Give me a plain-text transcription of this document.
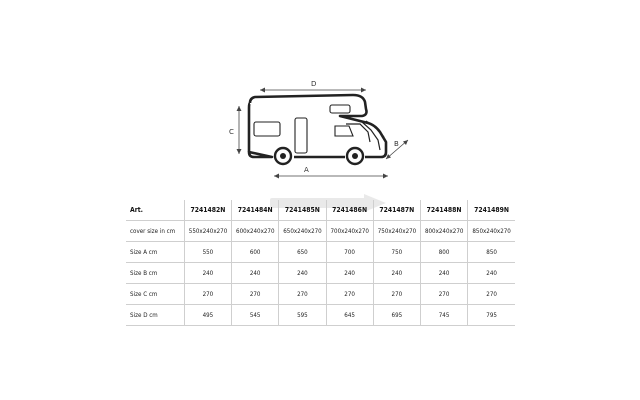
D
C
B
A
Art.	7241482N	7241484N	7241485N	7241486N	7241487N	7241488N	7241489N
cover size in cm	550x240x270	600x240x270	650x240x270	700x240x270	750x240x270	800x240x270	850x240x270
Size A cm	550	600	650	700	750	800	850
Size B cm	240	240	240	240	240	240	240
Size C cm	270	270	270	270	270	270	270
Size D cm	495	545	595	645	695	745	795
